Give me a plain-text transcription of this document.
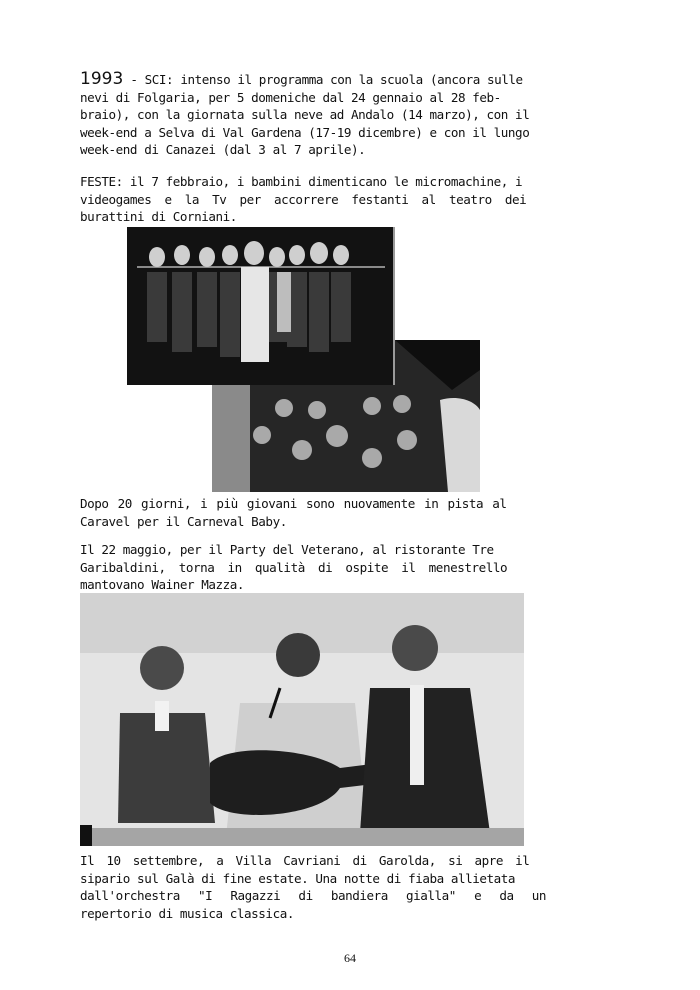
1993 - SCI: intenso il programma con la scuola (ancora sulle
nevi di Folgaria, per 5 domeniche dal 24 gennaio al 28 feb-
braio), con la giornata sulla neve ad Andalo (14 marzo), con il
week-end a Selva di Val Gardena (17-19 dicembre) e con il lungo
week-end di Canazei (dal 3 al 7 aprile).
FESTE: il 7 febbraio, i bambini dimenticano le micromachine, i
videogames e la Tv per accorrere festanti al teatro dei
burattini di Corniani.
Dopo 20 giorni, i più giovani sono nuovamente in pista al
Caravel per il Carneval Baby.
Il 22 maggio, per il Party del Veterano, al ristorante Tre
Garibaldini, torna in qualità di ospite il menestrello
mantovano Wainer Mazza.
Il 10 settembre, a Villa Cavriani di Garolda, si apre il
sipario sul Galà di fine estate. Una notte di fiaba allietata
dall'orchestra "I Ragazzi di bandiera gialla" e da un
repertorio di musica classica.
64
